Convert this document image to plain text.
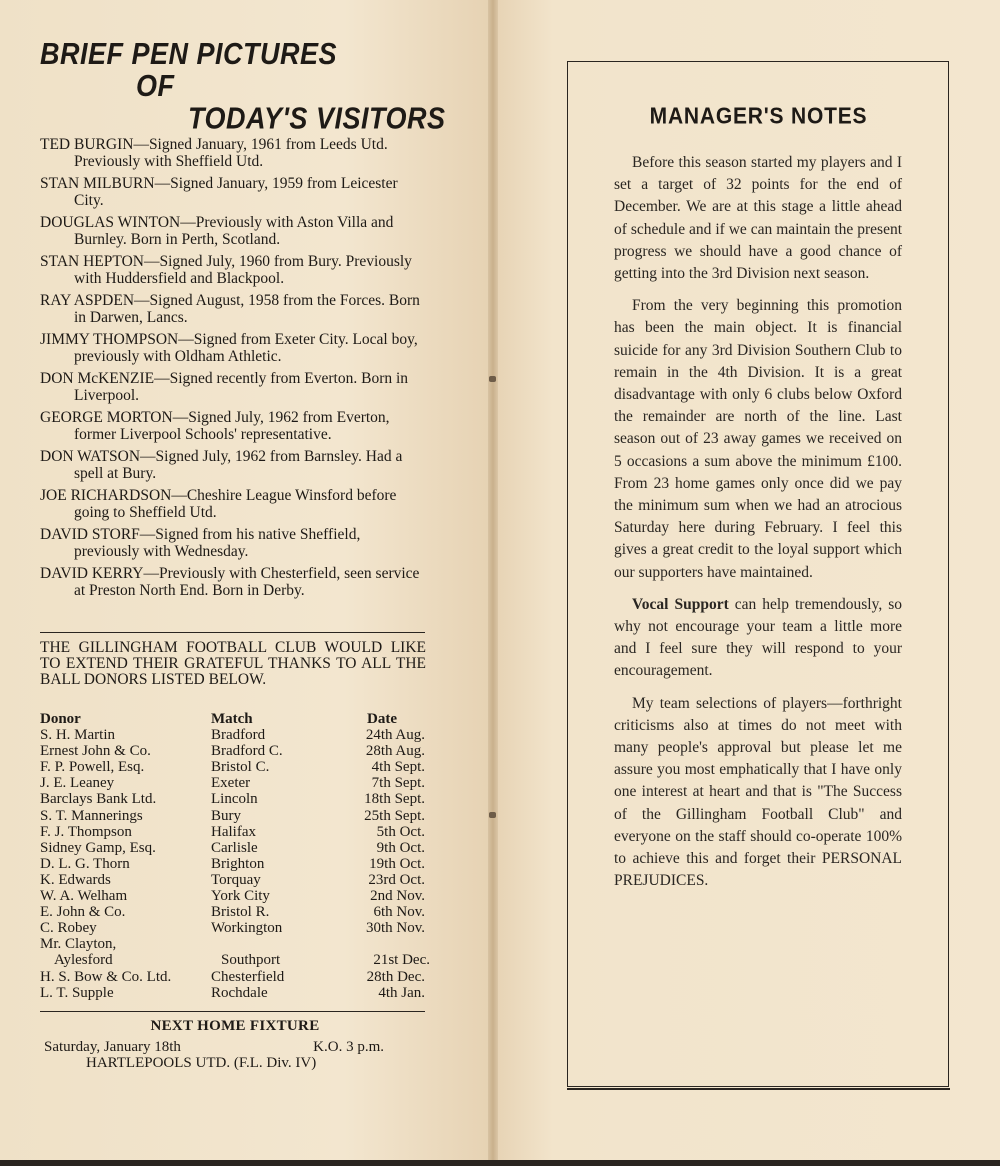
BRIEF PEN PICTURES
OF
TODAY'S VISITORS
TED BURGIN—Signed January, 1961 from Leeds Utd. Previously with Sheffield Utd.
STAN MILBURN—Signed January, 1959 from Leicester City.
DOUGLAS WINTON—Previously with Aston Villa and Burnley. Born in Perth, Scotland.
STAN HEPTON—Signed July, 1960 from Bury. Previously with Huddersfield and Blackpool.
RAY ASPDEN—Signed August, 1958 from the Forces. Born in Darwen, Lancs.
JIMMY THOMPSON—Signed from Exeter City. Local boy, previously with Oldham Athletic.
DON McKENZIE—Signed recently from Everton. Born in Liverpool.
GEORGE MORTON—Signed July, 1962 from Everton, former Liverpool Schools' representative.
DON WATSON—Signed July, 1962 from Barnsley. Had a spell at Bury.
JOE RICHARDSON—Cheshire League Winsford before going to Sheffield Utd.
DAVID STORF—Signed from his native Sheffield, previously with Wednesday.
DAVID KERRY—Previously with Chesterfield, seen service at Preston North End. Born in Derby.
THE GILLINGHAM FOOTBALL CLUB WOULD LIKE TO EXTEND THEIR GRATEFUL THANKS TO ALL THE BALL DONORS LISTED BELOW.
Donor	Match	Date
S. H. Martin	Bradford	24th Aug.
Ernest John & Co.	Bradford C.	28th Aug.
F. P. Powell, Esq.	Bristol C.	4th Sept.
J. E. Leaney	Exeter	7th Sept.
Barclays Bank Ltd.	Lincoln	18th Sept.
S. T. Mannerings	Bury	25th Sept.
F. J. Thompson	Halifax	5th Oct.
Sidney Gamp, Esq.	Carlisle	9th Oct.
D. L. G. Thorn	Brighton	19th Oct.
K. Edwards	Torquay	23rd Oct.
W. A. Welham	York City	2nd Nov.
E. John & Co.	Bristol R.	6th Nov.
C. Robey	Workington	30th Nov.
Mr. Clayton,
Aylesford	Southport	21st Dec.
H. S. Bow & Co. Ltd.	Chesterfield	28th Dec.
L. T. Supple	Rochdale	4th Jan.
NEXT HOME FIXTURE
Saturday, January 18th	K.O. 3 p.m.
HARTLEPOOLS UTD. (F.L. Div. IV)
MANAGER'S NOTES

Before this season started my players and I set a target of 32 points for the end of December. We are at this stage a little ahead of schedule and if we can maintain the present progress we should have a good chance of getting into the 3rd Division next season.

From the very beginning this promotion has been the main object. It is financial suicide for any 3rd Division Southern Club to remain in the 4th Division. It is a great disadvantage with only 6 clubs below Oxford the remainder are north of the line. Last season out of 23 away games we received on 5 occasions a sum above the minimum £100. From 23 home games only once did we pay the minimum sum when we had an atrocious Saturday here during February. I feel this gives a great credit to the loyal support which our supporters have maintained.

Vocal Support can help tremendously, so why not encourage your team a little more and I feel sure they will respond to your encouragement.

My team selections of players—forthright criticisms also at times do not meet with many people's approval but please let me assure you most emphatically that I have only one interest at heart and that is "The Success of the Gillingham Football Club" and everyone on the staff should co-operate 100% to achieve this and forget their PERSONAL PREJUDICES.
